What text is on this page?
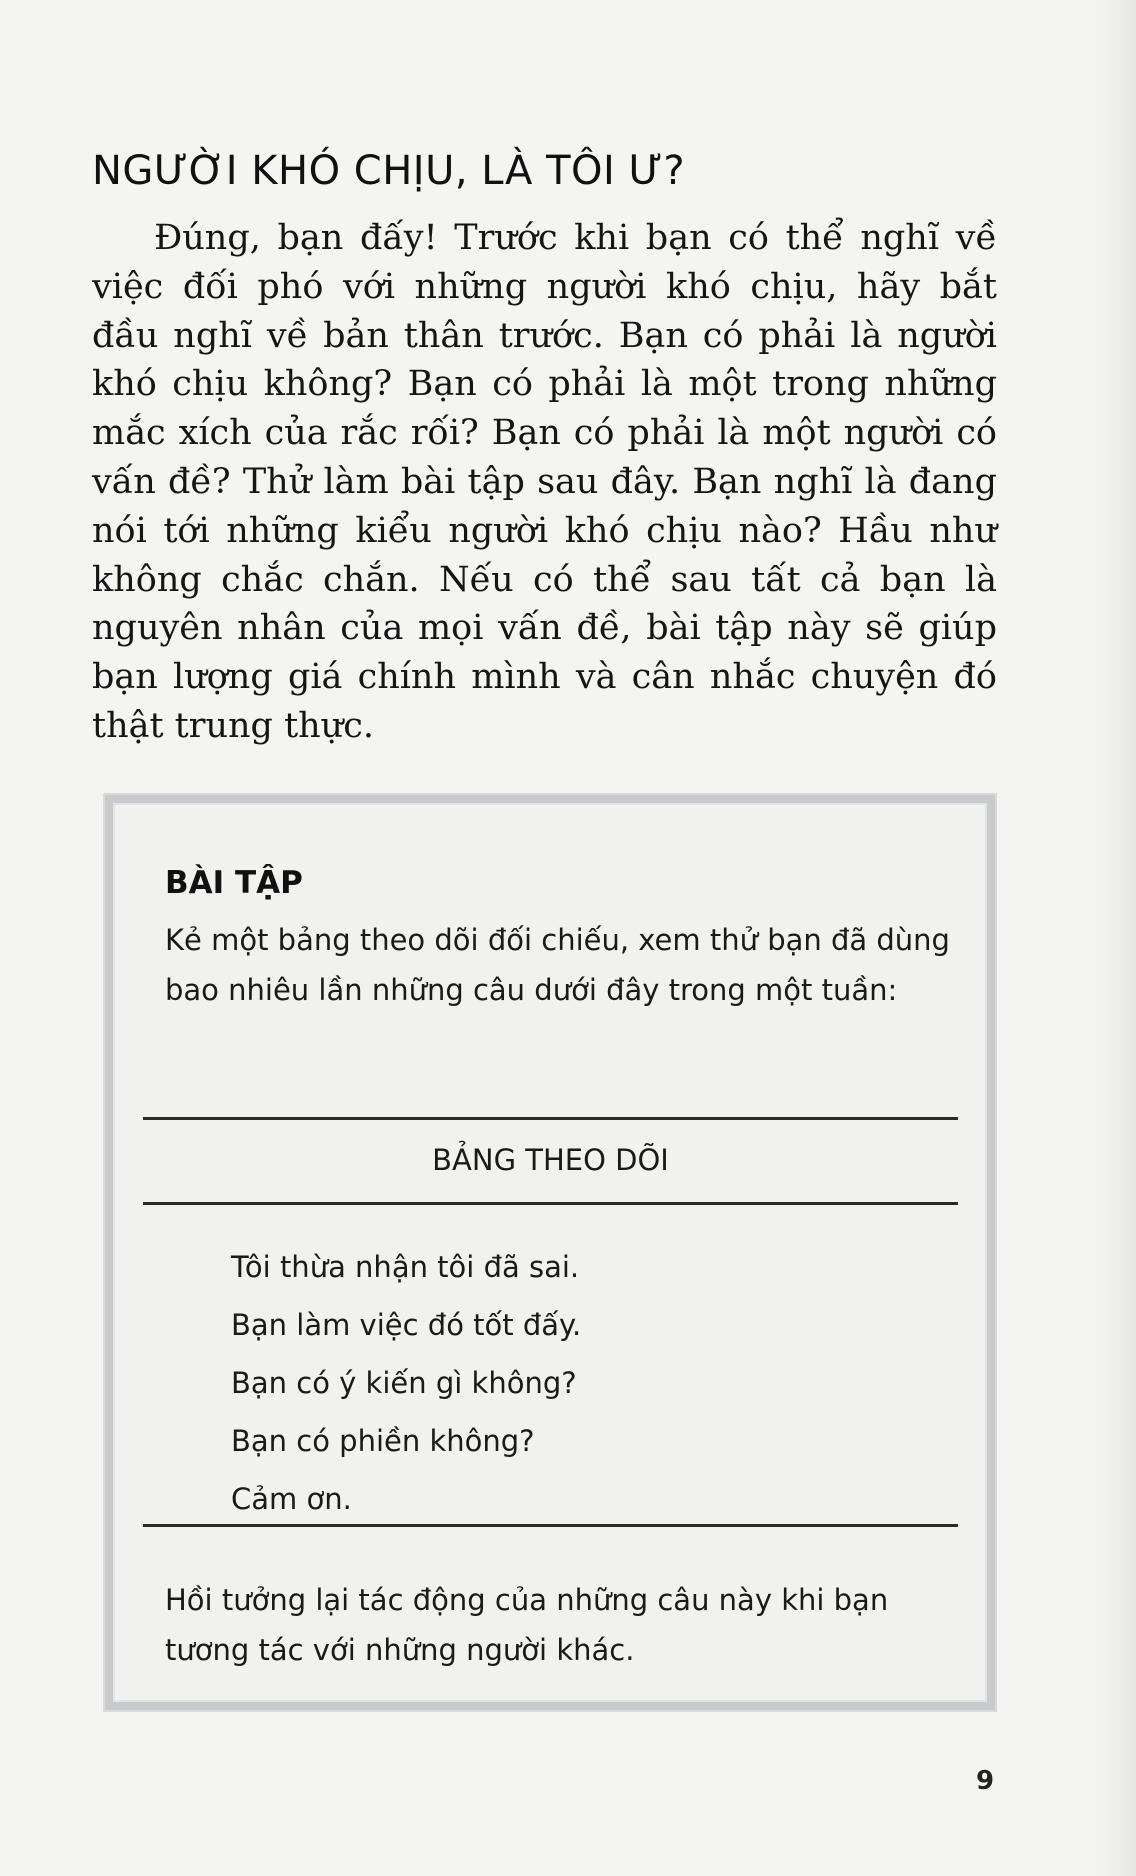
NGƯỜI KHÓ CHỊU, LÀ TÔI Ư?

Đúng, bạn đấy! Trước khi bạn có thể nghĩ về việc đối phó với những người khó chịu, hãy bắt đầu nghĩ về bản thân trước. Bạn có phải là người khó chịu không? Bạn có phải là một trong những mắc xích của rắc rối? Bạn có phải là một người có vấn đề? Thử làm bài tập sau đây. Bạn nghĩ là đang nói tới những kiểu người khó chịu nào? Hầu như không chắc chắn. Nếu có thể sau tất cả bạn là nguyên nhân của mọi vấn đề, bài tập này sẽ giúp bạn lượng giá chính mình và cân nhắc chuyện đó thật trung thực.

BÀI TẬP

Kẻ một bảng theo dõi đối chiếu, xem thử bạn đã dùng bao nhiêu lần những câu dưới đây trong một tuần:

BẢNG THEO DÕI
Tôi thừa nhận tôi đã sai.
Bạn làm việc đó tốt đấy.
Bạn có ý kiến gì không?
Bạn có phiền không?
Cảm ơn.

Hồi tưởng lại tác động của những câu này khi bạn tương tác với những người khác.

9
